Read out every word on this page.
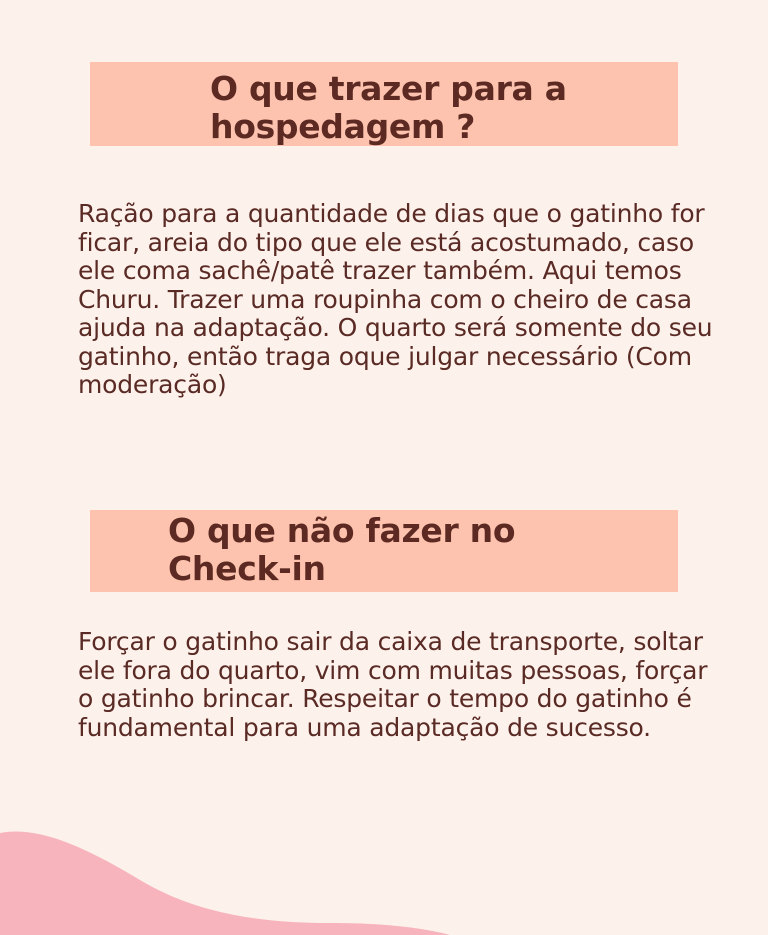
O que trazer para a hospedagem ?

Ração para a quantidade de dias que o gatinho for ficar, areia do tipo que ele está acostumado, caso ele coma sachê/patê trazer também. Aqui temos Churu. Trazer uma roupinha com o cheiro de casa ajuda na adaptação. O quarto será somente do seu gatinho, então traga oque julgar necessário (Com moderação)

O que não fazer no Check-in

Forçar o gatinho sair da caixa de transporte, soltar ele fora do quarto, vim com muitas pessoas, forçar o gatinho brincar. Respeitar o tempo do gatinho é fundamental para uma adaptação de sucesso.
